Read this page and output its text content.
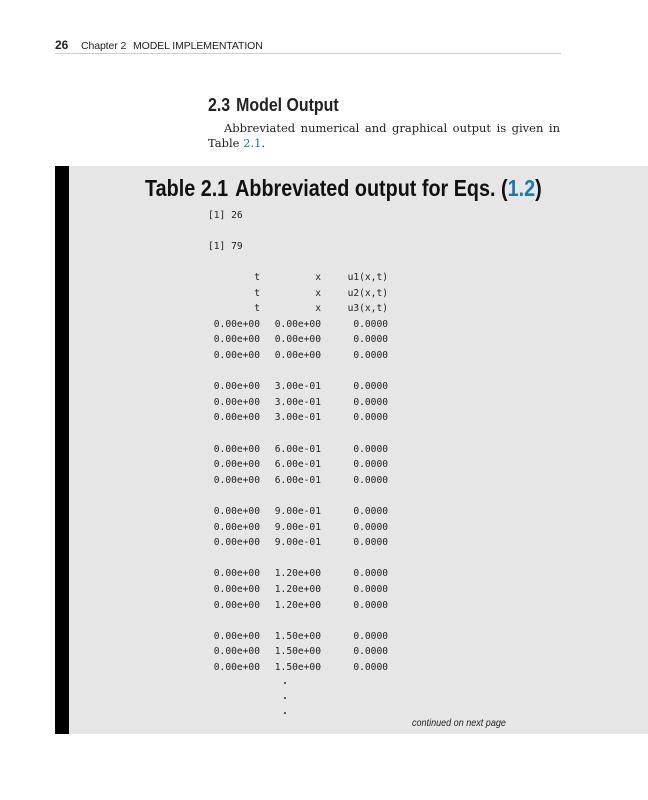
26 Chapter 2 MODEL IMPLEMENTATION
2.3 Model Output
Abbreviated numerical and graphical output is given in Table 2.1.
Table 2.1 Abbreviated output for Eqs. (1.2)
[1] 26
[1] 79
t	x	u1(x,t)
t	x	u2(x,t)
t	x	u3(x,t)
0.00e+00 0.00e+00	0.0000
0.00e+00 0.00e+00	0.0000
0.00e+00 0.00e+00	0.0000
0.00e+00 3.00e-01	0.0000
0.00e+00 3.00e-01	0.0000
0.00e+00 3.00e-01	0.0000
0.00e+00 6.00e-01	0.0000
0.00e+00 6.00e-01	0.0000
0.00e+00 6.00e-01	0.0000
0.00e+00 9.00e-01	0.0000
0.00e+00 9.00e-01	0.0000
0.00e+00 9.00e-01	0.0000
0.00e+00 1.20e+00	0.0000
0.00e+00 1.20e+00	0.0000
0.00e+00 1.20e+00	0.0000
0.00e+00 1.50e+00	0.0000
0.00e+00 1.50e+00	0.0000
0.00e+00 1.50e+00	0.0000
continued on next page
